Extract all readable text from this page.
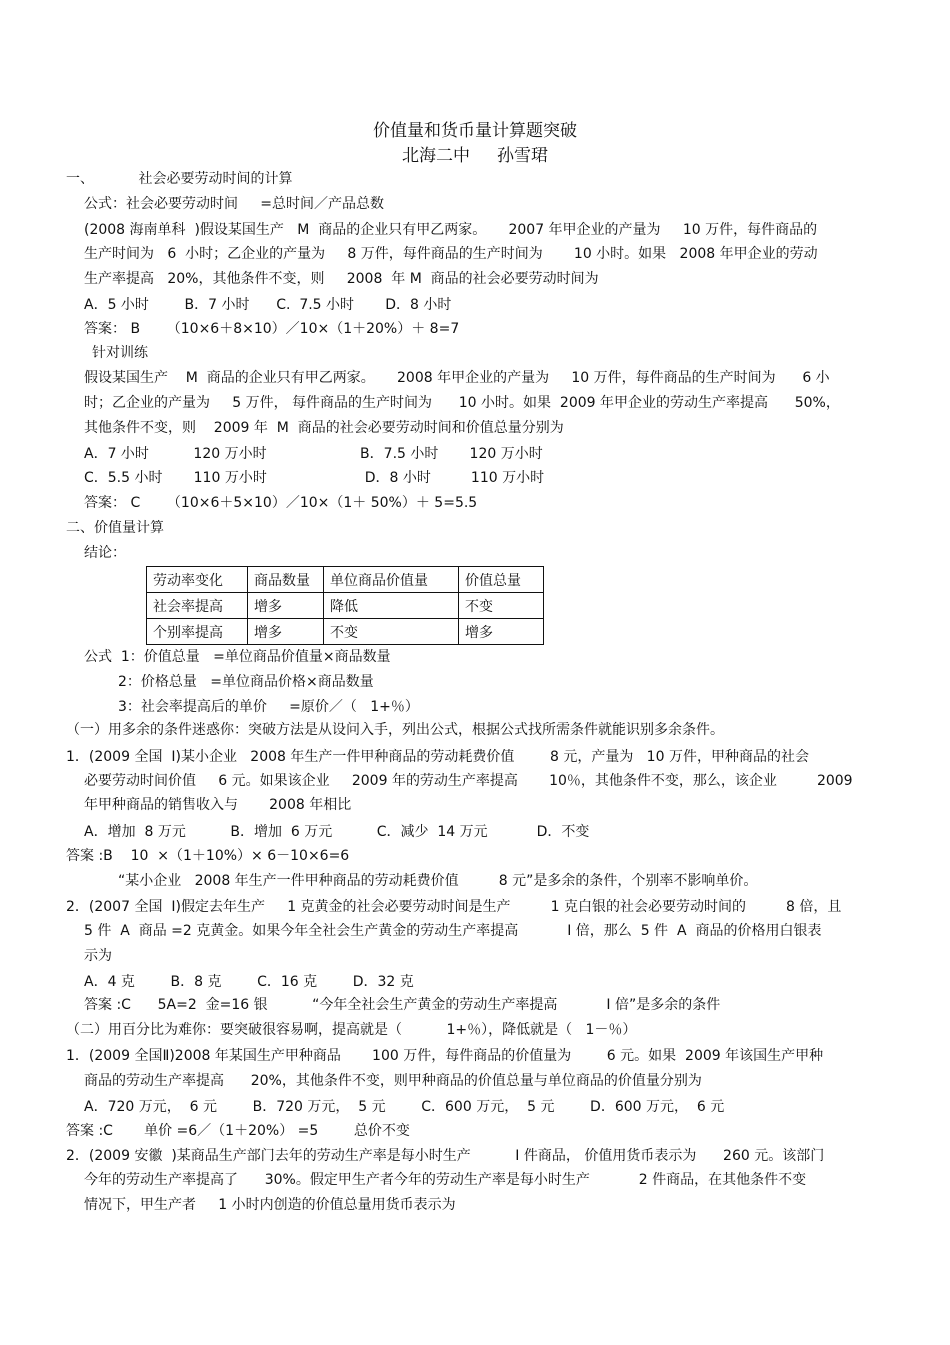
价值量和货币量计算题突破
北海二中     孙雪珺
一、          社会必要劳动时间的计算
公式：社会必要劳动时间     =总时间／产品总数
(2008 海南单科  )假设某国生产   M  商品的企业只有甲乙两家。     2007 年甲企业的产量为     10 万件，每件商品的
生产时间为   6  小时；乙企业的产量为     8 万件，每件商品的生产时间为       10 小时。如果   2008 年甲企业的劳动
生产率提高   20%，其他条件不变，则     2008  年 M  商品的社会必要劳动时间为
A．5 小时        B．7 小时      C.  7.5 小时       D．8 小时
答案： B      （10×6＋8×10）／10×（1＋20%）＋ 8=7
针对训练
假设某国生产    M  商品的企业只有甲乙两家。     2008 年甲企业的产量为     10 万件，每件商品的生产时间为      6 小
时；乙企业的产量为     5 万件， 每件商品的生产时间为      10 小时。如果  2009 年甲企业的劳动生产率提高      50%，
其他条件不变，则    2009 年  M  商品的社会必要劳动时间和价值总量分别为
A．7 小时          120 万小时                     B．7.5 小时       120 万小时
C．5.5 小时       110 万小时                      D．8 小时         110 万小时
答案： C      （10×6＋5×10）／10×（1＋ 50%）＋ 5=5.5
二、价值量计算
结论：
劳动率变化	商品数量	单位商品价值量	价值总量
社会率提高	增多	降低	不变
个别率提高	增多	不变	增多
公式  1：价值总量   =单位商品价值量×商品数量
2：价格总量   =单位商品价格×商品数量
3：社会率提高后的单价     =原价／（   1+％）
（一）用多余的条件迷惑你：突破方法是从设问入手，列出公式，根据公式找所需条件就能识别多余条件。
1．(2009 全国  I)某小企业   2008 年生产一件甲种商品的劳动耗费价值        8 元，产量为   10 万件，甲种商品的社会
必要劳动时间价值     6 元。如果该企业     2009 年的劳动生产率提高       10％，其他条件不变，那么，该企业         2009
年甲种商品的销售收入与       2008 年相比
A．增加  8 万元          B．增加  6 万元          C．减少  14 万元           D．不变
答案 :B    10  ×（1＋10%）× 6－10×6=6
“某小企业   2008 年生产一件甲种商品的劳动耗费价值         8 元”是多余的条件，个别率不影响单价。
2．(2007 全国  I)假定去年生产     1 克黄金的社会必要劳动时间是生产         1 克白银的社会必要劳动时间的         8 倍，且
5 件  A  商品 =2 克黄金。如果今年全社会生产黄金的劳动生产率提高           I 倍，那么  5 件  A  商品的价格用白银表
示为
A．4 克        B．8 克        C．16 克        D．32 克
答案 :C      5A=2  金=16 银          “今年全社会生产黄金的劳动生产率提高           I 倍”是多余的条件
（二）用百分比为难你：要突破很容易啊，提高就是（          1+％），降低就是（   1－％）
1．(2009 全国Ⅱ)2008 年某国生产甲种商品       100 万件，每件商品的价值量为        6 元。如果  2009 年该国生产甲种
商品的劳动生产率提高      20%，其他条件不变，则甲种商品的价值总量与单位商品的价值量分别为
A．720 万元，  6 元        B．720 万元，  5 元        C．600 万元，  5 元        D．600 万元，  6 元
答案 :C       单价 =6／（1＋20%） =5        总价不变
2．(2009 安徽  )某商品生产部门去年的劳动生产率是每小时生产          I 件商品， 价值用货币表示为      260 元。该部门
今年的劳动生产率提高了      30%。假定甲生产者今年的劳动生产率是每小时生产           2 件商品，在其他条件不变
情况下，甲生产者     1 小时内创造的价值总量用货币表示为
